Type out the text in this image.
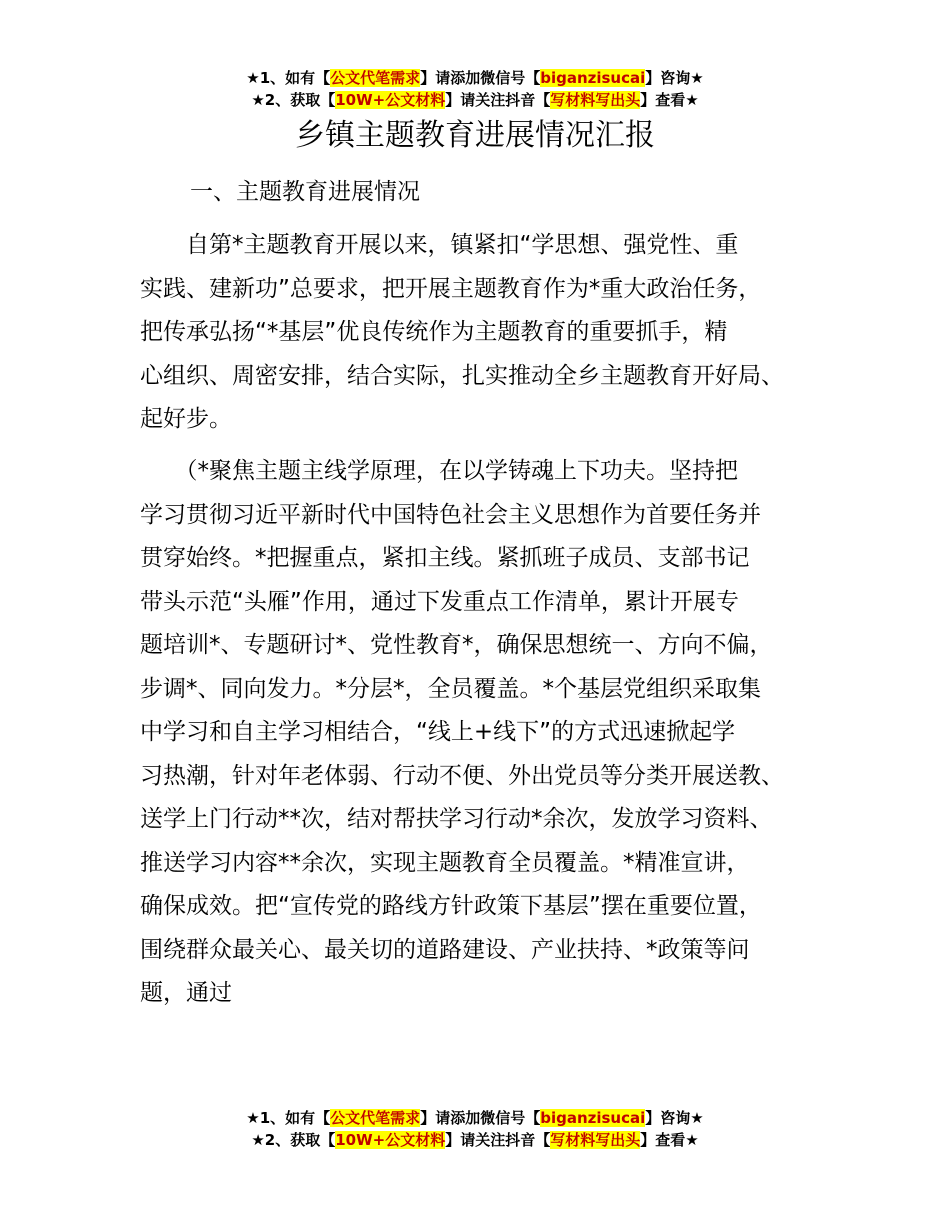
★1、如有【公文代笔需求】请添加微信号【biganzisucai】咨询★
★2、获取【10W+公文材料】请关注抖音【写材料写出头】查看★
乡镇主题教育进展情况汇报
一、主题教育进展情况

　　自第*主题教育开展以来，镇紧扣“学思想、强党性、重
实践、建新功”总要求，把开展主题教育作为*重大政治任务，
把传承弘扬“*基层”优良传统作为主题教育的重要抓手，精
心组织、周密安排，结合实际，扎实推动全乡主题教育开好局、
起好步。

　　（*聚焦主题主线学原理，在以学铸魂上下功夫。坚持把
学习贯彻习近平新时代中国特色社会主义思想作为首要任务并
贯穿始终。*把握重点，紧扣主线。紧抓班子成员、支部书记
带头示范“头雁”作用，通过下发重点工作清单，累计开展专
题培训*、专题研讨*、党性教育*，确保思想统一、方向不偏，
步调*、同向发力。*分层*，全员覆盖。*个基层党组织采取集
中学习和自主学习相结合，“线上+线下”的方式迅速掀起学
习热潮，针对年老体弱、行动不便、外出党员等分类开展送教、
送学上门行动**次，结对帮扶学习行动*余次，发放学习资料、
推送学习内容**余次，实现主题教育全员覆盖。*精准宣讲，
确保成效。把“宣传党的路线方针政策下基层”摆在重要位置，
围绕群众最关心、最关切的道路建设、产业扶持、*政策等问
题，通过

★1、如有【公文代笔需求】请添加微信号【biganzisucai】咨询★
★2、获取【10W+公文材料】请关注抖音【写材料写出头】查看★
